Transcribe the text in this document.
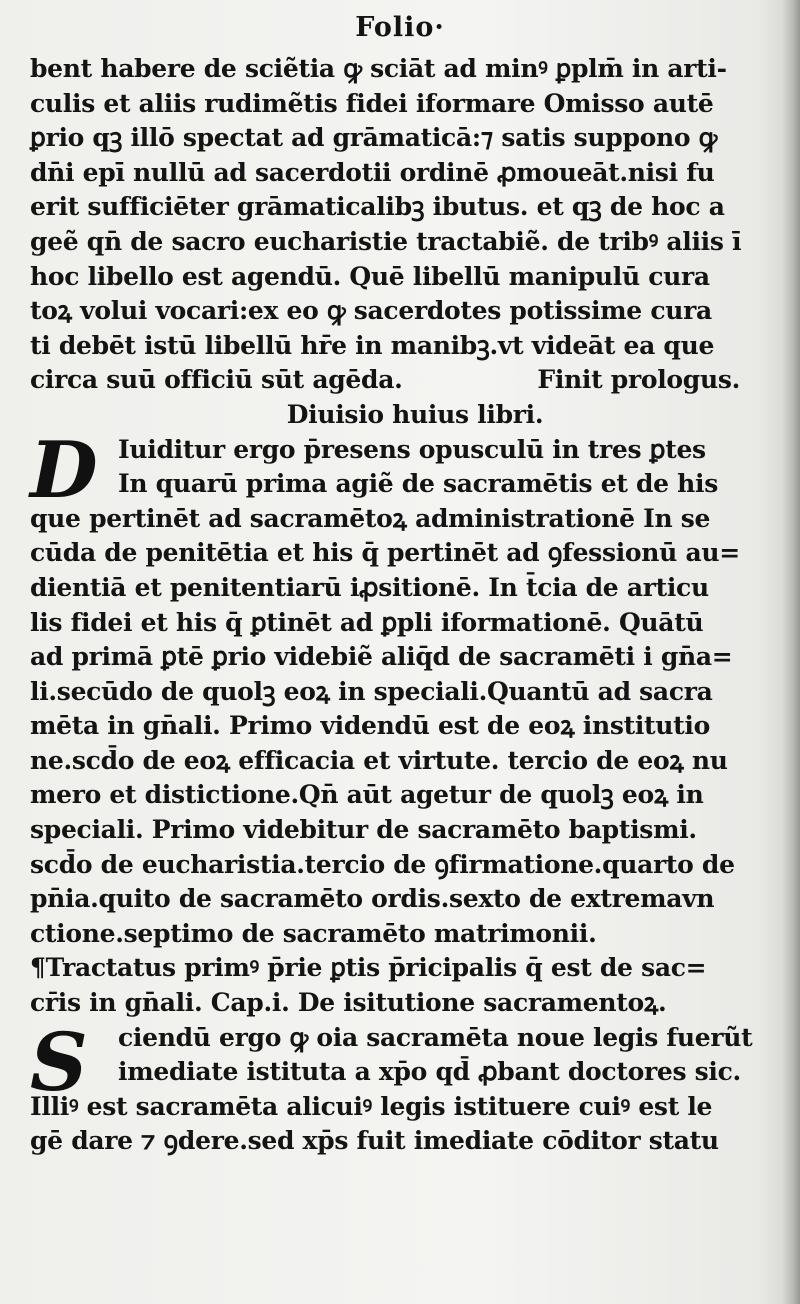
Folio·
D
S
bent habere de sciẽtia ꝙ sciāt ad minꝰ ꝑplm̄ in arti-
culis et aliis rudimẽtis fidei iformare Omisso autē
ꝑrio qꝫ illō spectat ad grāmaticā:⁊ satis suppono ꝙ
dn̄i epī nullū ad sacerdotii ordinē ꝓmoueāt.nisi fu
erit sufficiēter grāmaticalibꝫ ibutus. et qꝫ de hoc a
geẽ qn̄ de sacro eucharistie tractabiẽ. de tribꝰ aliis ī
hoc libello est agendū. Quē libellū manipulū cura
toꝝ volui vocari:ex eo ꝙ sacerdotes potissime cura
ti debēt istū libellū hr̄e in manibꝫ.vt videāt ea que
circa suū officiū sūt agēda.	Finit prologus.
Diuisio huius libri.
Iuiditur ergo p̄resens opusculū in tres ꝑtes
In quarū prima agiẽ de sacramētis et de his
que pertinēt ad sacramētoꝝ administrationē In se
cūda de penitētia et his q̄ pertinēt ad ꝯfessionū au=
dientiā et penitentiarū iꝓsitionē. In t̄cia de articu
lis fidei et his q̄ ꝑtinēt ad ꝑpli iformationē. Quātū
ad primā ꝑtē ꝑrio videbiẽ aliq̄d de sacramēti i gn̄a=
li.secūdo de quolꝫ eoꝝ in speciali.Quantū ad sacra
mēta in gn̄ali. Primo videndū est de eoꝝ institutio
ne.scd̄o de eoꝝ efficacia et virtute. tercio de eoꝝ nu
mero et distictione.Qn̄ aūt agetur de quolꝫ eoꝝ in
speciali. Primo videbitur de sacramēto baptismi.
scd̄o de eucharistia.tercio de ꝯfirmatione.quarto de
pn̄ia.quito de sacramēto ordis.sexto de extremavn
ctione.septimo de sacramēto matrimonii.
¶Tractatus primꝰ p̄rie ꝑtis p̄ricipalis q̄ est de sac=
cr̄is in gn̄ali. Cap.i. De isitutione sacramentoꝝ.
ciendū ergo ꝙ oia sacramēta noue legis fuerũt
imediate istituta a xp̄o qd̄ ꝓbant doctores sic.
Illiꝰ est sacramēta alicuiꝰ legis istituere cuiꝰ est le
gē dare ⁊ ꝯdere.sed xp̄s fuit imediate cōditor statu
